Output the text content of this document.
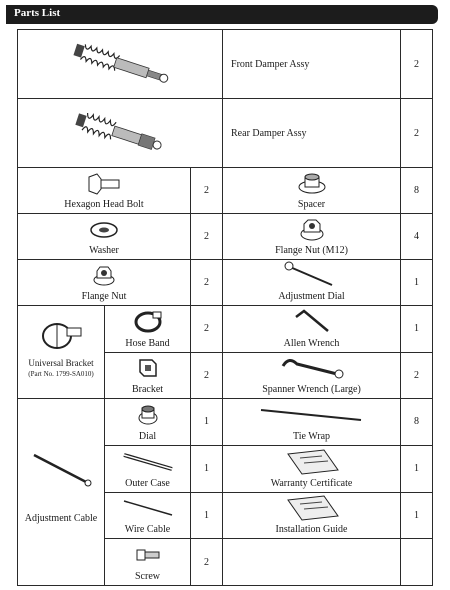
Parts List
	Front Damper Assy	2

	Rear Damper Assy	2

Hexagon Head Bolt		2	Spacer	8

Washer		2	Flange Nut (M12)	4

Flange Nut		2	Adjustment Dial	1

Universal Bracket
(Part No. 1799-SA010)	Hose Band	2	Allen Wrench	1

	Bracket	2	Spanner Wrench (Large)	2

Adjustment Cable	Dial	1	Tie Wrap	8

	Outer Case	1	Warranty Certificate	1

	Wire Cable	1	Installation Guide	1

	Screw	2		
